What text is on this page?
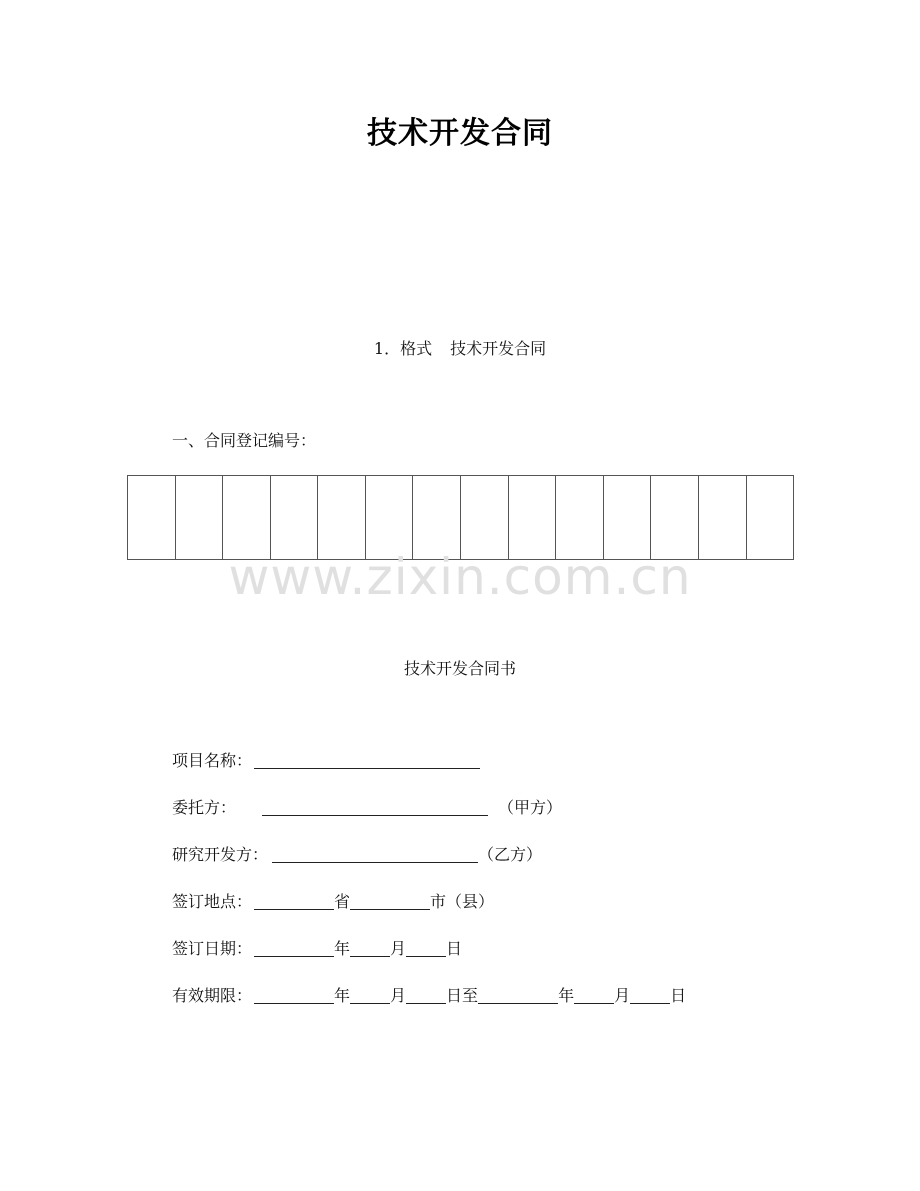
技术开发合同
1．格式 技术开发合同
一、合同登记编号：
www.zixin.com.cn
技术开发合同书
项目名称：
委托方：	（甲方）
研究开发方：	（乙方）
签订地点：	省	市（县）
签订日期：	年	月	日
有效期限：	年	月	日至	年	月	日
